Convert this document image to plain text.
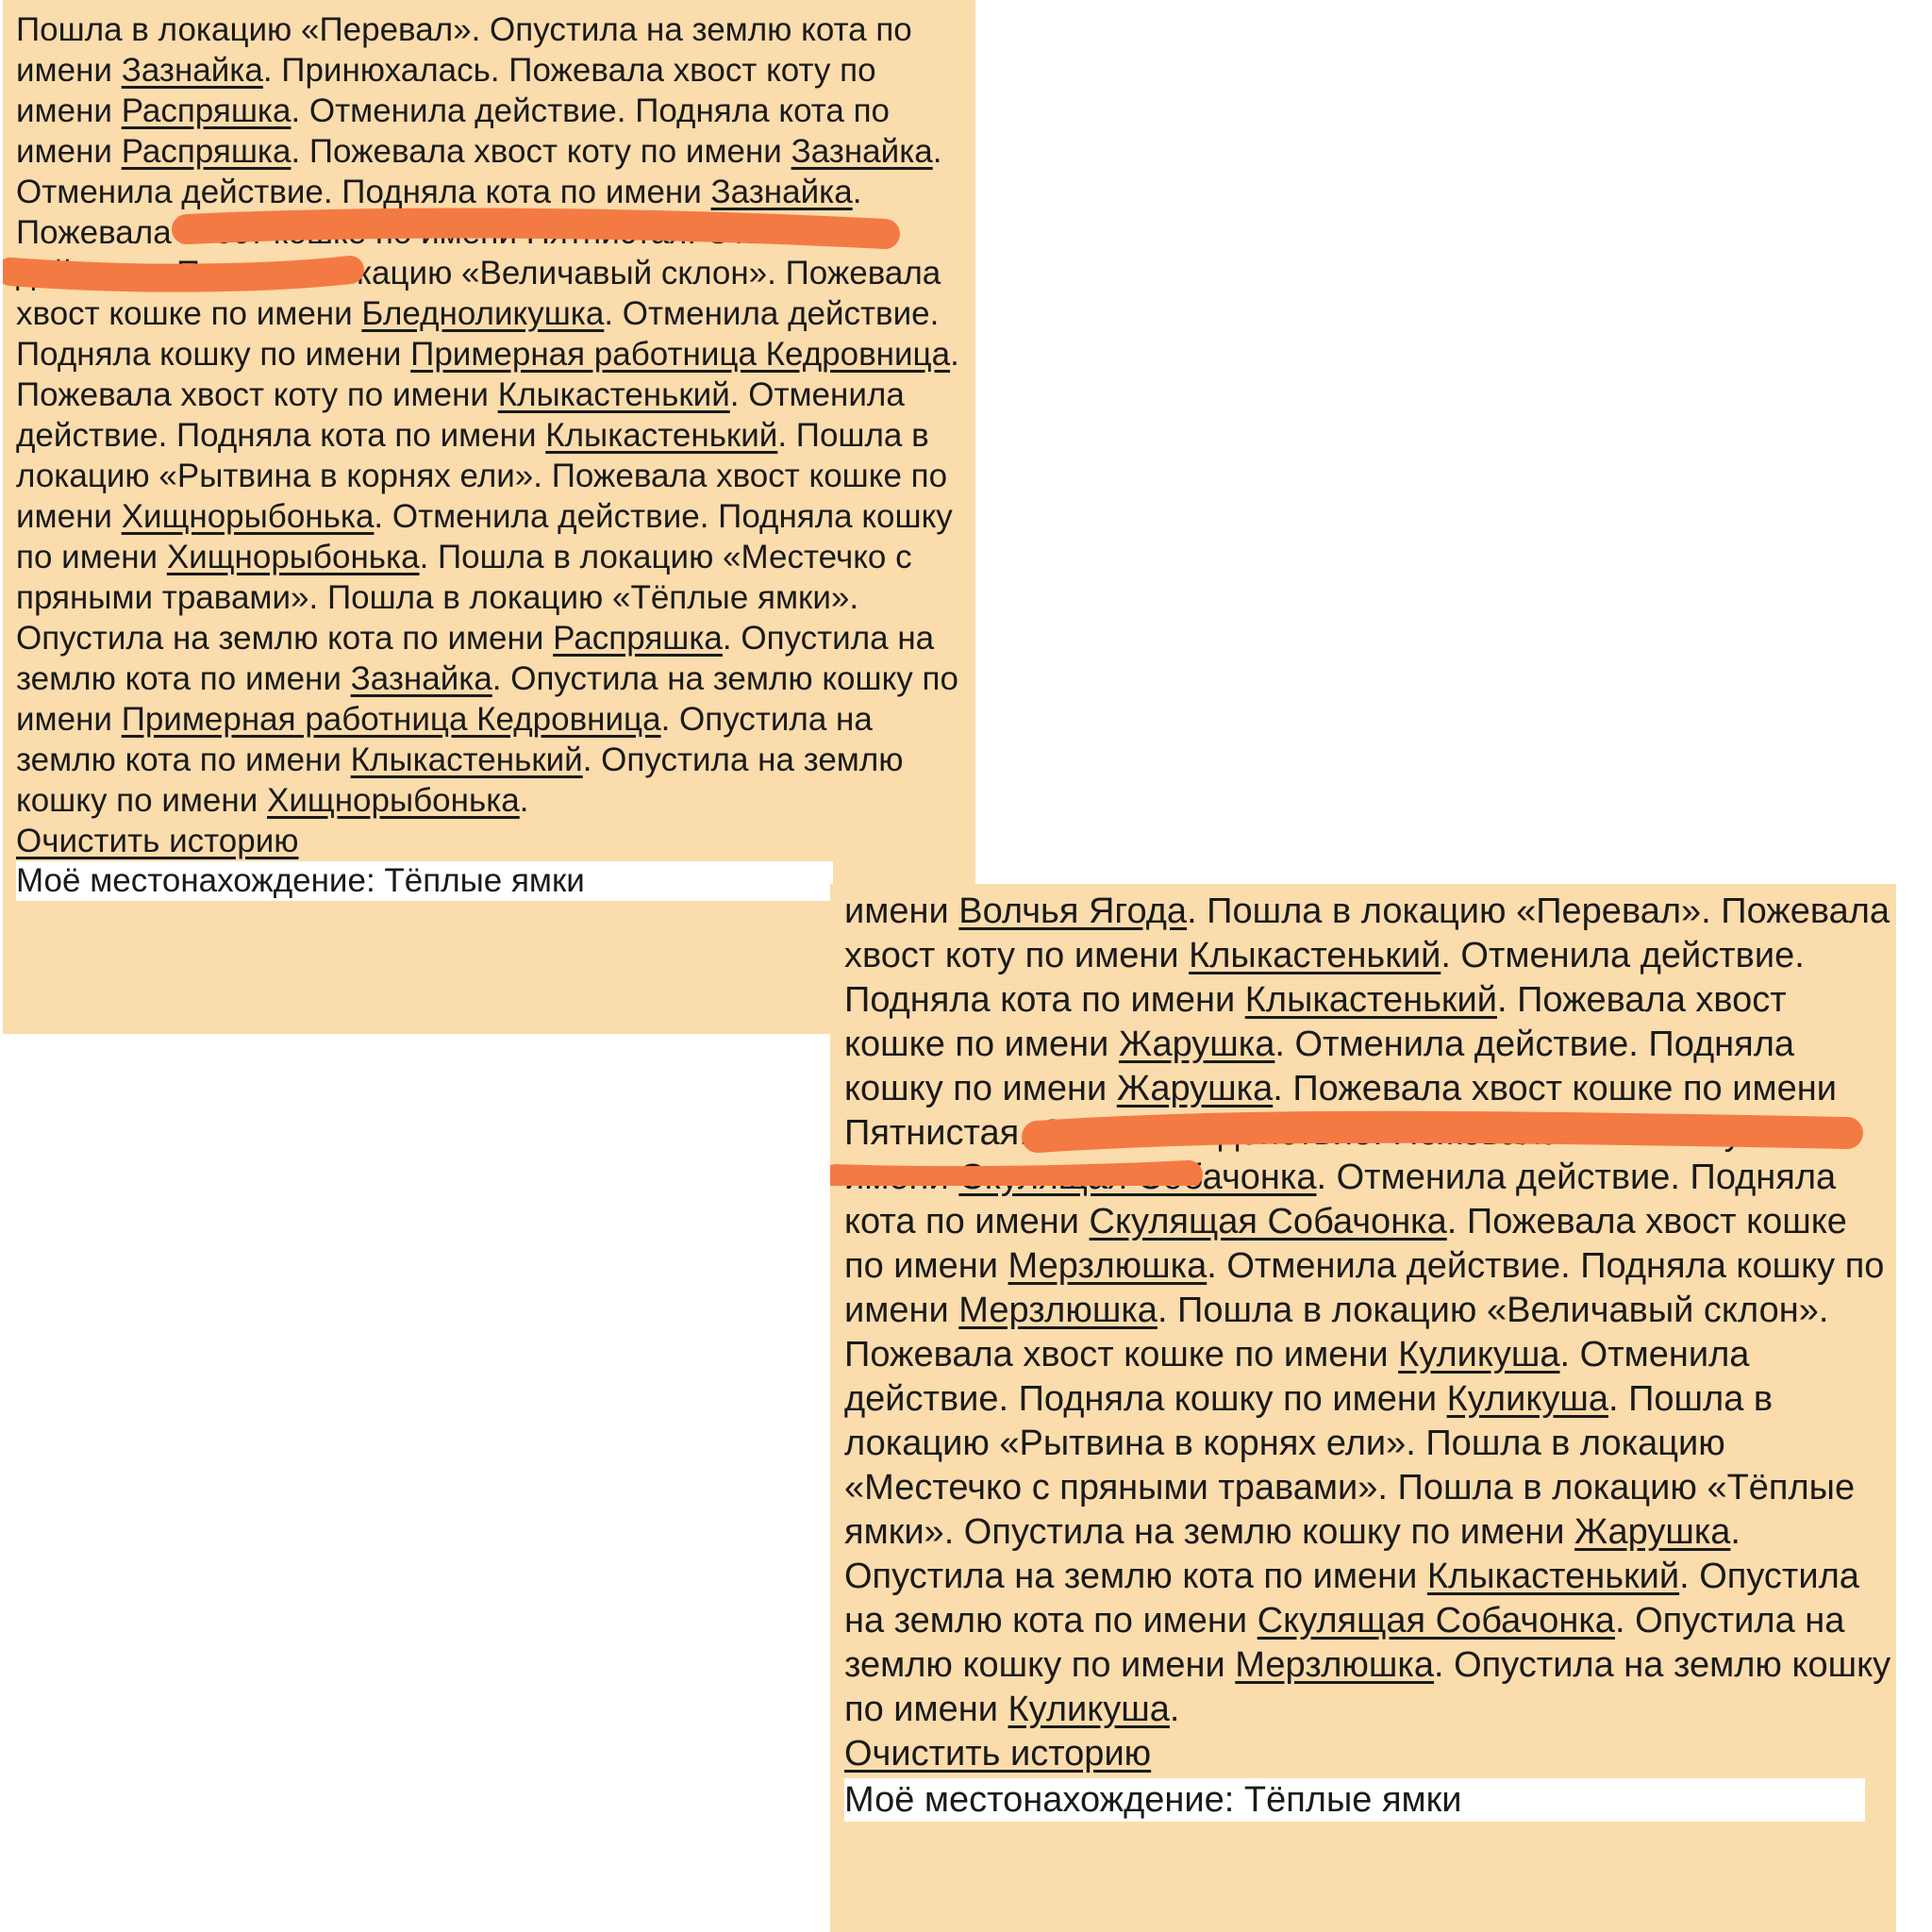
Пошла в локацию «Перевал». Опустила на землю кота по имени Зазнайка. Принюхалась. Пожевала хвост коту по имени Распряшка. Отменила действие. Подняла кота по имени Распряшка. Пожевала хвост коту по имени Зазнайка. Отменила действие. Подняла кота по имени Зазнайка. Пожевала хвост кошке по имени Пятнистая. Отменила действие. Пошла в локацию «Величавый склон». Пожевала хвост кошке по имени Бледноликушка. Отменила действие. Подняла кошку по имени Примерная работница Кедровница. Пожевала хвост коту по имени Клыкастенький. Отменила действие. Подняла кота по имени Клыкастенький. Пошла в локацию «Рытвина в корнях ели». Пожевала хвост кошке по имени Хищнорыбонька. Отменила действие. Подняла кошку по имени Хищнорыбонька. Пошла в локацию «Местечко с пряными травами». Пошла в локацию «Тёплые ямки». Опустила на землю кота по имени Распряшка. Опустила на землю кота по имени Зазнайка. Опустила на землю кошку по имени Примерная работница Кедровница. Опустила на землю кота по имени Клыкастенький. Опустила на землю кошку по имени Хищнорыбонька.

Очистить историю
Моё местонахождение: Тёплые ямки

имени Волчья Ягода. Пошла в локацию «Перевал». Пожевала хвост коту по имени Клыкастенький. Отменила действие. Подняла кота по имени Клыкастенький. Пожевала хвост кошке по имени Жарушка. Отменила действие. Подняла кошку по имени Жарушка. Пожевала хвост кошке по имени Пятнистая. Отменила действие. Пожевала хвост коту по имени Скулящая Собачонка. Отменила действие. Подняла кота по имени Скулящая Собачонка. Пожевала хвост кошке по имени Мерзлюшка. Отменила действие. Подняла кошку по имени Мерзлюшка. Пошла в локацию «Величавый склон». Пожевала хвост кошке по имени Куликуша. Отменила действие. Подняла кошку по имени Куликуша. Пошла в локацию «Рытвина в корнях ели». Пошла в локацию «Местечко с пряными травами». Пошла в локацию «Тёплые ямки». Опустила на землю кошку по имени Жарушка. Опустила на землю кота по имени Клыкастенький. Опустила на землю кота по имени Скулящая Собачонка. Опустила на землю кошку по имени Мерзлюшка. Опустила на землю кошку по имени Куликуша.

Очистить историю
Моё местонахождение: Тёплые ямки
